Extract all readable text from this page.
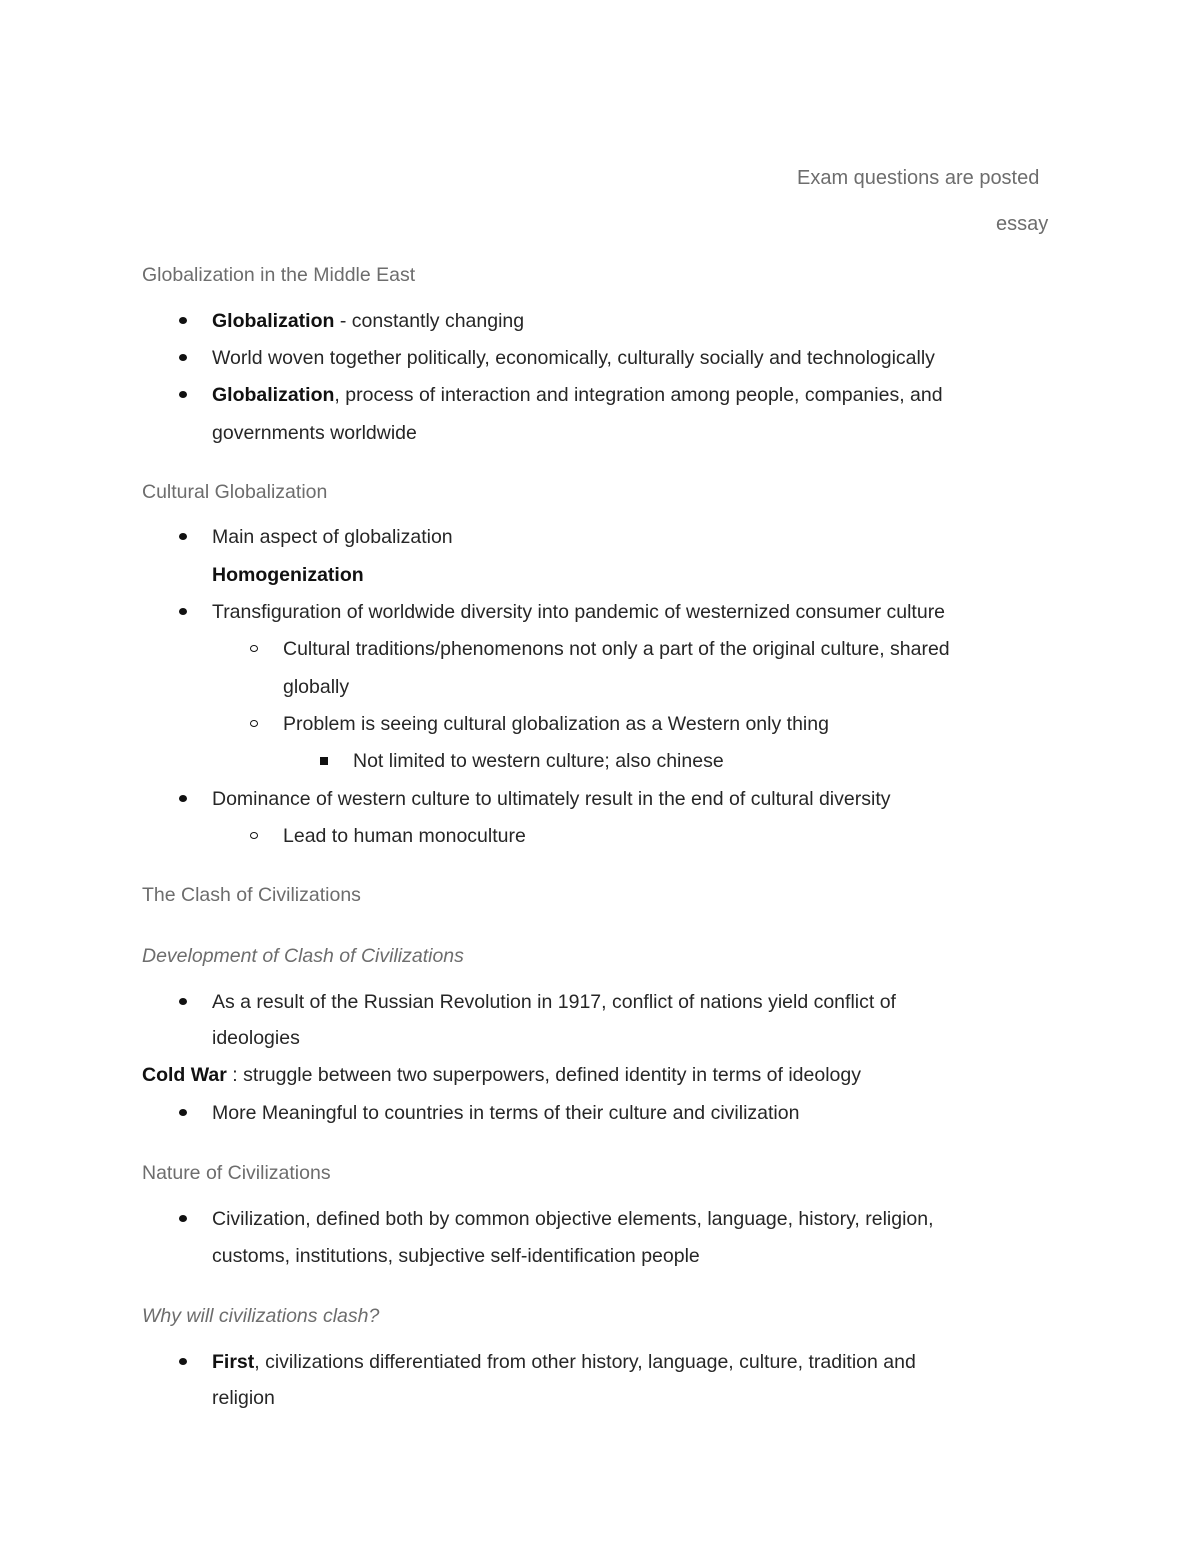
Exam questions are posted
essay
Globalization in the Middle East
Globalization - constantly changing
World woven together politically, economically, culturally socially and technologically
Globalization, process of interaction and integration among people, companies, and
governments worldwide
Cultural Globalization
Main aspect of globalization
Homogenization
Transfiguration of worldwide diversity into pandemic of westernized consumer culture
Cultural traditions/phenomenons not only a part of the original culture, shared
globally
Problem is seeing cultural globalization as a Western only thing
Not limited to western culture; also chinese
Dominance of western culture to ultimately result in the end of cultural diversity
Lead to human monoculture
The Clash of Civilizations
Development of Clash of Civilizations
As a result of the Russian Revolution in 1917, conflict of nations yield conflict of
ideologies
Cold War : struggle between two superpowers, defined identity in terms of ideology
More Meaningful to countries in terms of their culture and civilization
Nature of Civilizations
Civilization, defined both by common objective elements, language, history, religion,
customs, institutions, subjective self-identification people
Why will civilizations clash?
First, civilizations differentiated from other history, language, culture, tradition and
religion
